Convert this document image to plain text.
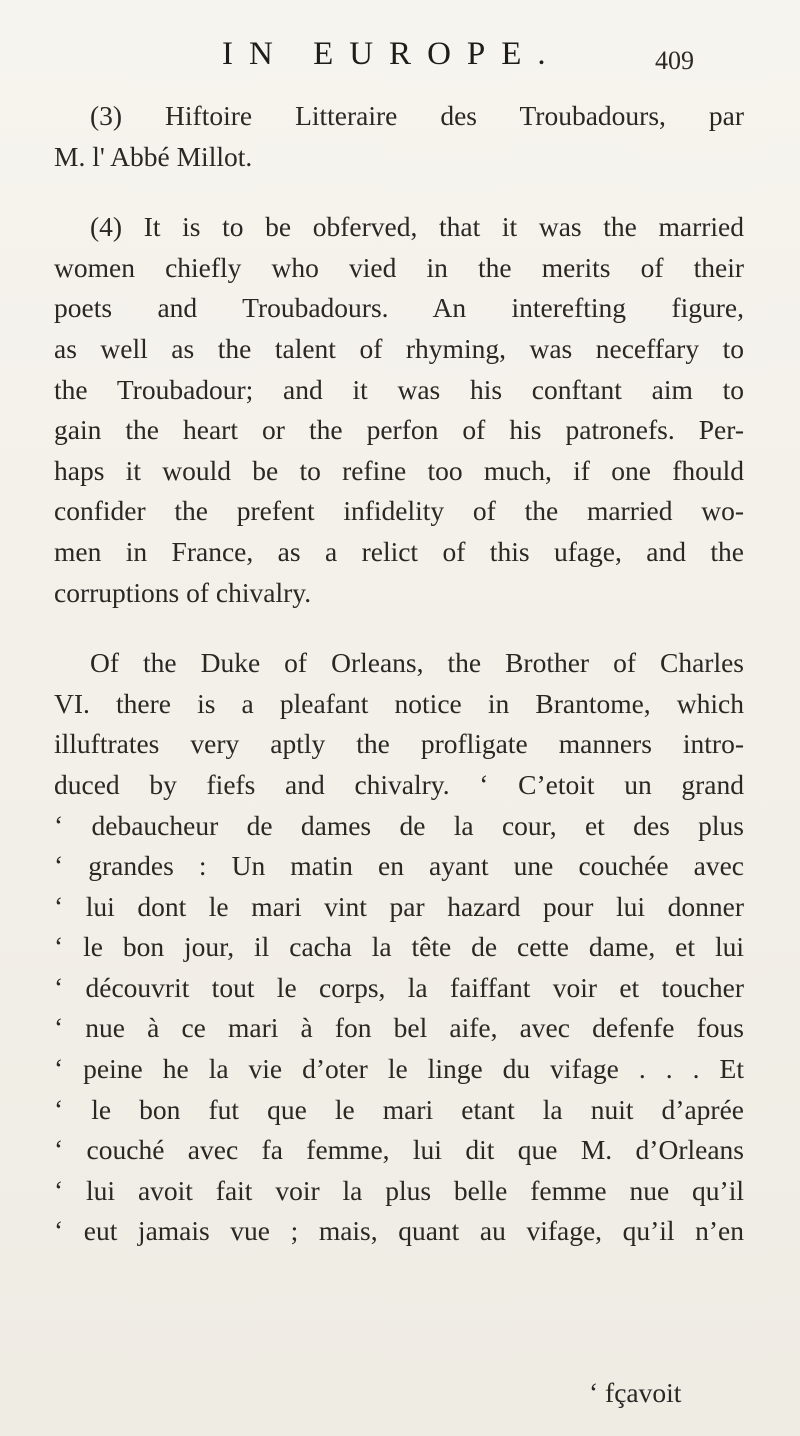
IN EUROPE.	409
(3) Hiftoire Litteraire des Troubadours, par
M. l' Abbé Millot.
(4) It is to be obferved, that it was the married
women chiefly who vied in the merits of their
poets and Troubadours. An interefting figure,
as well as the talent of rhyming, was neceffary to
the Troubadour; and it was his conftant aim to
gain the heart or the perfon of his patronefs. Per-
haps it would be to refine too much, if one fhould
confider the prefent infidelity of the married wo-
men in France, as a relict of this ufage, and the
corruptions of chivalry.
Of the Duke of Orleans, the Brother of Charles
VI. there is a pleafant notice in Brantome, which
illuftrates very aptly the profligate manners intro-
duced by fiefs and chivalry. ‘ C’etoit un grand
‘ debaucheur de dames de la cour, et des plus
‘ grandes : Un matin en ayant une couchée avec
‘ lui dont le mari vint par hazard pour lui donner
‘ le bon jour, il cacha la tête de cette dame, et lui
‘ découvrit tout le corps, la faiffant voir et toucher
‘ nue à ce mari à fon bel aife, avec defenfe fous
‘ peine he la vie d’oter le linge du vifage . . . Et
‘ le bon fut que le mari etant la nuit d’aprée
‘ couché avec fa femme, lui dit que M. d’Orleans
‘ lui avoit fait voir la plus belle femme nue qu’il
‘ eut jamais vue ; mais, quant au vifage, qu’il n’en
‘ fçavoit
